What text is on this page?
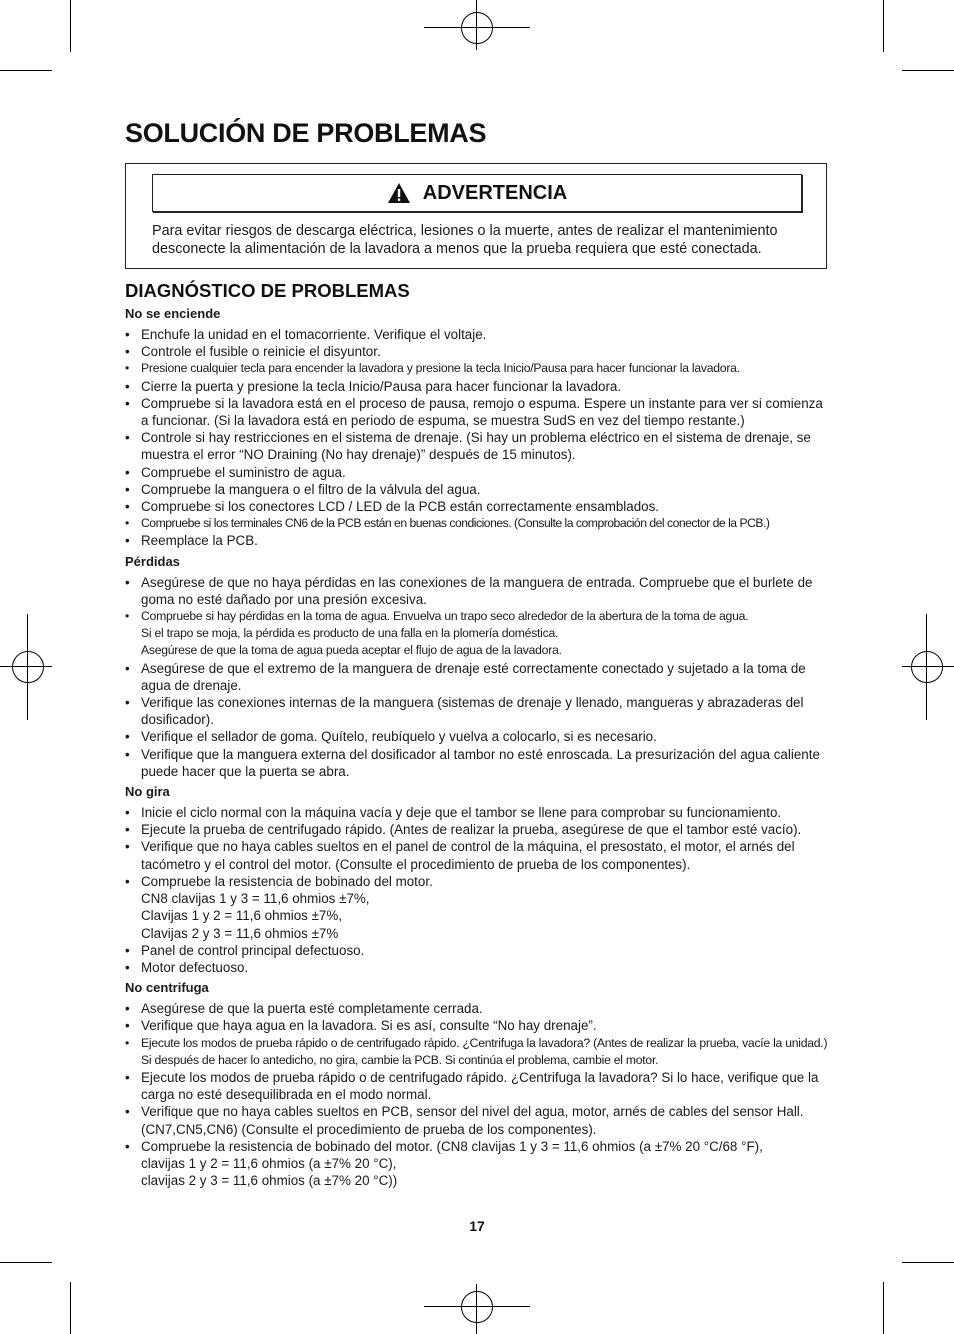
SOLUCIÓN DE PROBLEMAS
ADVERTENCIA
Para evitar riesgos de descarga eléctrica, lesiones o la muerte, antes de realizar el mantenimiento desconecte la alimentación de la lavadora a menos que la prueba requiera que esté conectada.
DIAGNÓSTICO DE PROBLEMAS
No se enciende
• Enchufe la unidad en el tomacorriente. Verifique el voltaje.
• Controle el fusible o reinicie el disyuntor.
• Presione cualquier tecla para encender la lavadora y presione la tecla Inicio/Pausa para hacer funcionar la lavadora.
• Cierre la puerta y presione la tecla Inicio/Pausa para hacer funcionar la lavadora.
• Compruebe si la lavadora está en el proceso de pausa, remojo o espuma. Espere un instante para ver si comienza a funcionar. (Si la lavadora está en periodo de espuma, se muestra SudS en vez del tiempo restante.)
• Controle si hay restricciones en el sistema de drenaje. (Si hay un problema eléctrico en el sistema de drenaje, se muestra el error “NO Draining (No hay drenaje)” después de 15 minutos).
• Compruebe el suministro de agua.
• Compruebe la manguera o el filtro de la válvula del agua.
• Compruebe si los conectores LCD / LED de la PCB están correctamente ensamblados.
• Compruebe si los terminales CN6 de la PCB están en buenas condiciones. (Consulte la comprobación del conector de la PCB.)
• Reemplace la PCB.
Pérdidas
• Asegúrese de que no haya pérdidas en las conexiones de la manguera de entrada. Compruebe que el burlete de goma no esté dañado por una presión excesiva.
• Compruebe si hay pérdidas en la toma de agua. Envuelva un trapo seco alrededor de la abertura de la toma de agua.
Si el trapo se moja, la pérdida es producto de una falla en la plomería doméstica.
Asegúrese de que la toma de agua pueda aceptar el flujo de agua de la lavadora.
• Asegúrese de que el extremo de la manguera de drenaje esté correctamente conectado y sujetado a la toma de agua de drenaje.
• Verifique las conexiones internas de la manguera (sistemas de drenaje y llenado, mangueras y abrazaderas del dosificador).
• Verifique el sellador de goma. Quítelo, reubíquelo y vuelva a colocarlo, si es necesario.
• Verifique que la manguera externa del dosificador al tambor no esté enroscada. La presurización del agua caliente puede hacer que la puerta se abra.
No gira
• Inicie el ciclo normal con la máquina vacía y deje que el tambor se llene para comprobar su funcionamiento.
• Ejecute la prueba de centrifugado rápido. (Antes de realizar la prueba, asegúrese de que el tambor esté vacío).
• Verifique que no haya cables sueltos en el panel de control de la máquina, el presostato, el motor, el arnés del tacómetro y el control del motor. (Consulte el procedimiento de prueba de los componentes).
• Compruebe la resistencia de bobinado del motor.
CN8 clavijas 1 y 3 = 11,6 ohmios ±7%,
Clavijas 1 y 2 = 11,6 ohmios ±7%,
Clavijas 2 y 3 = 11,6 ohmios ±7%
• Panel de control principal defectuoso.
• Motor defectuoso.
No centrifuga
• Asegúrese de que la puerta esté completamente cerrada.
• Verifique que haya agua en la lavadora. Si es así, consulte “No hay drenaje”.
• Ejecute los modos de prueba rápido o de centrifugado rápido. ¿Centrifuga la lavadora? (Antes de realizar la prueba, vacíe la unidad.) Si después de hacer lo antedicho, no gira, cambie la PCB. Si continúa el problema, cambie el motor.
• Ejecute los modos de prueba rápido o de centrifugado rápido. ¿Centrifuga la lavadora? Si lo hace, verifique que la carga no esté desequilibrada en el modo normal.
• Verifique que no haya cables sueltos en PCB, sensor del nivel del agua, motor, arnés de cables del sensor Hall. (CN7,CN5,CN6) (Consulte el procedimiento de prueba de los componentes).
• Compruebe la resistencia de bobinado del motor. (CN8 clavijas 1 y 3 = 11,6 ohmios (a ±7% 20 °C/68 °F),
clavijas 1 y 2 = 11,6 ohmios (a ±7% 20 °C),
clavijas 2 y 3 = 11,6 ohmios (a ±7% 20 °C))
17
